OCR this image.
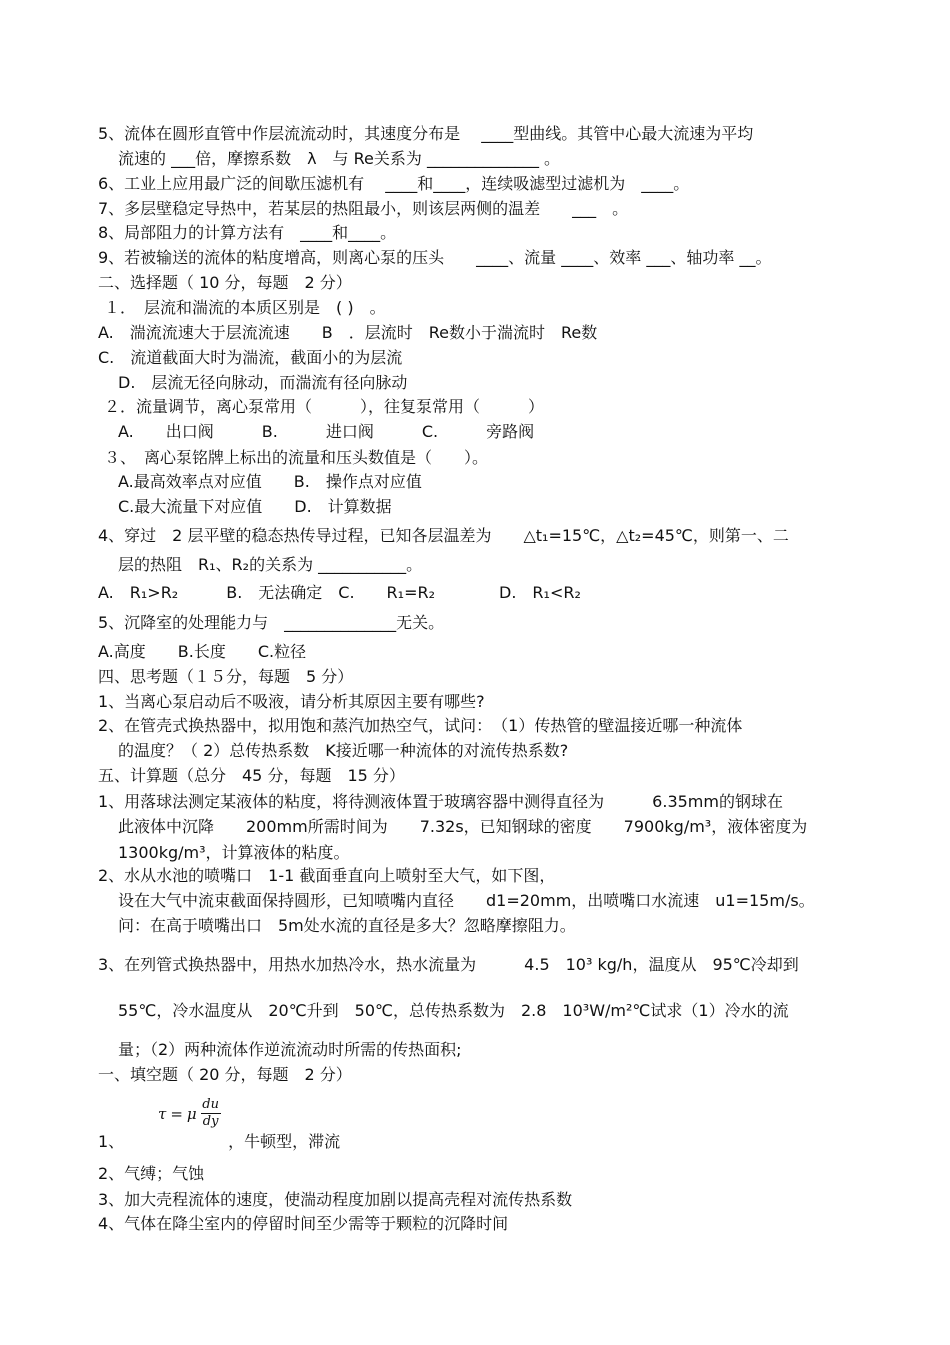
5、流体在圆形直管中作层流流动时，其速度分布是　 ____型曲线。其管中心最大流速为平均
流速的 ___倍，摩擦系数　λ　与 Re关系为 ______________ 。
6、工业上应用最广泛的间歇压滤机有　 ____和____，连续吸滤型过滤机为　____。
7、多层壁稳定导热中，若某层的热阻最小，则该层两侧的温差　　___　。
8、局部阻力的计算方法有　____和____。
9、若被输送的流体的粘度增高，则离心泵的压头　　____、流量 ____、效率 ___、轴功率 __。
二、选择题（ 10 分，每题　2 分）
１．　层流和湍流的本质区别是　( )　。
A.　湍流流速大于层流流速　　B　．层流时　Re数小于湍流时　Re数
C.　流道截面大时为湍流，截面小的为层流
D.　层流无径向脉动，而湍流有径向脉动
２．流量调节，离心泵常用（　　　），往复泵常用（　　　）
A.　　出口阀　　　B.　　　进口阀　　　C.　　　旁路阀
３、　离心泵铭牌上标出的流量和压头数值是（　　）。
A.最高效率点对应值　　B.　操作点对应值
C.最大流量下对应值　　D.　计算数据
4、穿过　2 层平壁的稳态热传导过程，已知各层温差为　　△t₁=15℃，△t₂=45℃，则第一、二
层的热阻　R₁、R₂的关系为 ___________。
A.　R₁>R₂　　　B.　无法确定　C.　　R₁=R₂　　　　D.　R₁<R₂
5、沉降室的处理能力与　______________无关。
A.高度　　B.长度　　C.粒径
四、思考题（１５分，每题　5 分）
1、当离心泵启动后不吸液，请分析其原因主要有哪些?
2、在管壳式换热器中，拟用饱和蒸汽加热空气，试问：　（1）传热管的壁温接近哪一种流体
的温度？（ 2）总传热系数　K接近哪一种流体的对流传热系数?
五、计算题（总分　45 分，每题　15 分）
1、用落球法测定某液体的粘度，将待测液体置于玻璃容器中测得直径为　　　6.35mm的钢球在
此液体中沉降　　200mm所需时间为　　7.32s，已知钢球的密度　　7900kg/m³，液体密度为
1300kg/m³，计算液体的粘度。
2、水从水池的喷嘴口　1-1 截面垂直向上喷射至大气，如下图，
设在大气中流束截面保持圆形，已知喷嘴内直径　　d1=20mm，出喷嘴口水流速　u1=15m/s。
问：在高于喷嘴出口　5m处水流的直径是多大？忽略摩擦阻力。
3、在列管式换热器中，用热水加热冷水，热水流量为　　　4.5　10³ kg/h，温度从　95℃冷却到
55℃，冷水温度从　20℃升到　50℃，总传热系数为　2.8　10³W/m²℃试求（1）冷水的流
量；（2）两种流体作逆流流动时所需的传热面积;
一、填空题（ 20 分，每题　2 分）
1、　　　　　　　，牛顿型，滞流
2、气缚；气蚀
3、加大壳程流体的速度，使湍动程度加剧以提高壳程对流传热系数
4、气体在降尘室内的停留时间至少需等于颗粒的沉降时间
τ = μ $\frac{du}{dy}$
